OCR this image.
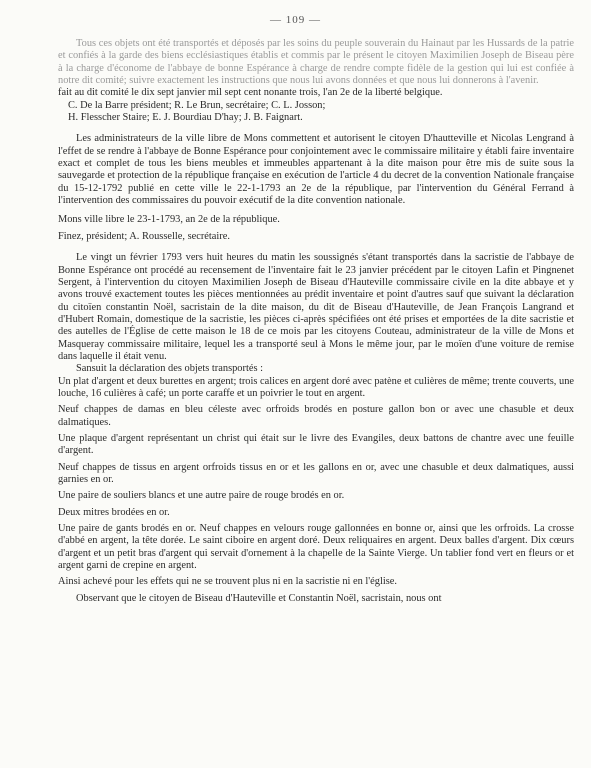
— 109 —

Tous ces objets ont été transportés et déposés par les soins du peuple souverain du Hainaut par les Hussards de la patrie et confiés à la garde des biens ecclésiastiques établis et commis par le présent le citoyen Maximilien Joseph de Biseau père à la charge d'économe de l'abbaye de bonne Espérance à charge de rendre compte fidèle de la gestion qui lui est confiée à notre dit comité; suivre exactement les instructions que nous lui avons données et que nous lui donnerons à l'avenir.

fait au dit comité le dix sept janvier mil sept cent nonante trois, l'an 2e de la liberté belgique.

C. De la Barre président; R. Le Brun, secrétaire; C. L. Josson;

H. Flesscher Staire; E. J. Bourdiau D'hay; J. B. Faignart.

Les administrateurs de la ville libre de Mons commettent et autorisent le citoyen D'hautteville et Nicolas Lengrand à l'effet de se rendre à l'abbaye de Bonne Espérance pour conjointement avec le commissaire militaire y établi faire inventaire exact et complet de tous les biens meubles et immeubles appartenant à la dite maison pour être mis de suite sous la sauvegarde et protection de la république française en exécution de l'article 4 du decret de la convention Nationale française du 15-12-1792 publié en cette ville le 22-1-1793 an 2e de la république, par l'intervention du Général Ferrand à l'intervention des commissaires du pouvoir exécutif de la dite convention nationale.

Mons ville libre le 23-1-1793, an 2e de la république.

Finez, président; A. Rousselle, secrétaire.

Le vingt un février 1793 vers huit heures du matin les soussignés s'étant transportés dans la sacristie de l'abbaye de Bonne Espérance ont procédé au recensement de l'inventaire fait le 23 janvier précédent par le citoyen Lafin et Pingnenet Sergent, à l'intervention du citoyen Maximilien Joseph de Biseau d'Hauteville commissaire civile en la dite abbaye et y avons trouvé exactement toutes les pièces mentionnées au prédit inventaire et point d'autres sauf que suivant la déclaration du citoïen constantin Noël, sacristain de la dite maison, du dit de Biseau d'Hauteville, de Jean François Langrand et d'Hubert Romain, domestique de la sacristie, les pièces ci-après spécifiées ont été prises et emportées de la dite sacristie et des autelles de l'Église de cette maison le 18 de ce mois par les citoyens Couteau, administrateur de la ville de Mons et Masqueray commissaire militaire, lequel les a transporté seul à Mons le même jour, par le moïen d'une voiture de remise dans laquelle il était venu.

Sansuit la déclaration des objets transportés :

Un plat d'argent et deux burettes en argent; trois calices en argent doré avec patène et culières de même; trente couverts, une louche, 16 culières à café; un porte caraffe et un poivrier le tout en argent.

Neuf chappes de damas en bleu céleste avec orfroids brodés en posture gallon bon or avec une chasuble et deux dalmatiques.

Une plaque d'argent représentant un christ qui était sur le livre des Evangiles, deux battons de chantre avec une feuille d'argent.

Neuf chappes de tissus en argent orfroids tissus en or et les gallons en or, avec une chasuble et deux dalmatiques, aussi garnies en or.

Une paire de souliers blancs et une autre paire de rouge brodés en or.

Deux mitres brodées en or.

Une paire de gants brodés en or. Neuf chappes en velours rouge gallonnées en bonne or, ainsi que les orfroids. La crosse d'abbé en argent, la tête dorée. Le saint ciboire en argent doré. Deux reliquaires en argent. Deux balles d'argent. Dix cœurs d'argent et un petit bras d'argent qui servait d'ornement à la chapelle de la Sainte Vierge. Un tablier fond vert en fleurs or et argent garni de crepine en argent.

Ainsi achevé pour les effets qui ne se trouvent plus ni en la sacristie ni en l'église.

Observant que le citoyen de Biseau d'Hauteville et Constantin Noël, sacristain, nous ont
